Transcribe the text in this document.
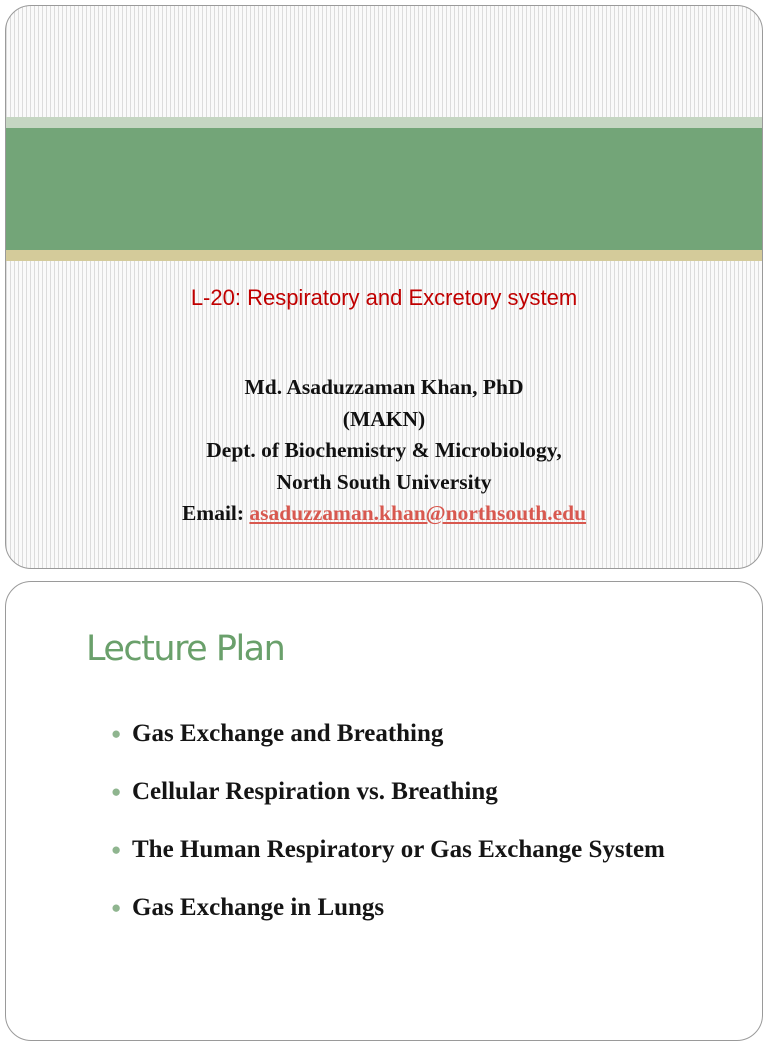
L-20: Respiratory and Excretory system
Md. Asaduzzaman Khan, PhD
(MAKN)
Dept. of Biochemistry & Microbiology,
North South University
Email: asaduzzaman.khan@northsouth.edu
Lecture Plan
● Gas Exchange and Breathing
● Cellular Respiration vs. Breathing
● The Human Respiratory or Gas Exchange System
● Gas Exchange in Lungs
